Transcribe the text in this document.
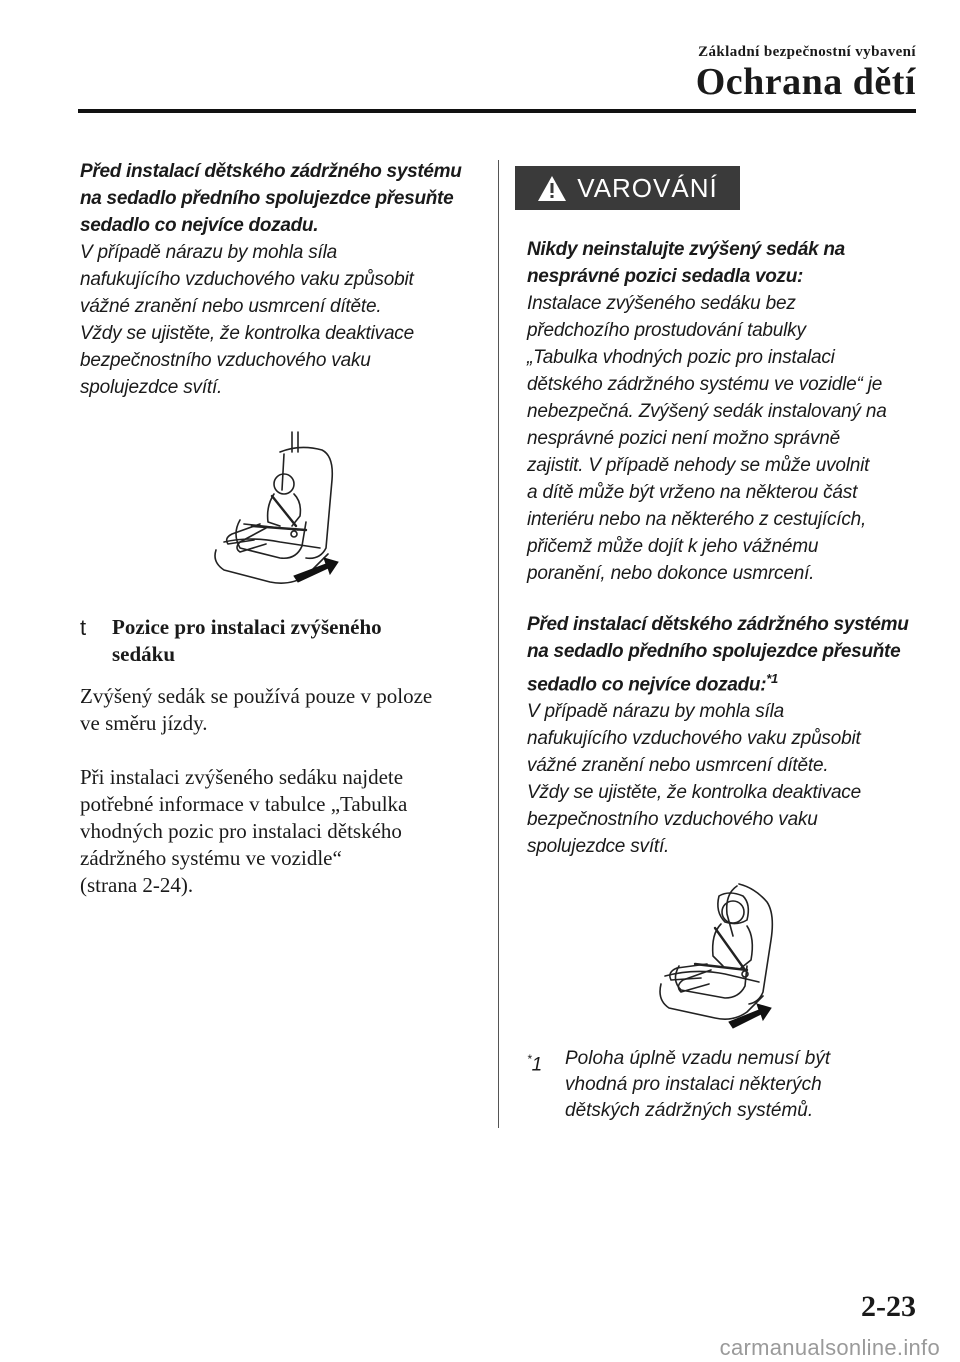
Základní bezpečnostní vybavení
Ochrana dětí

Před instalací dětského zádržného systému

na sedadlo předního spolujezdce přesuňte

sedadlo co nejvíce dozadu.

V případě nárazu by mohla síla

nafukujícího vzduchového vaku způsobit

vážné zranění nebo usmrcení dítěte.

Vždy se ujistěte, že kontrolka deaktivace

bezpečnostního vzduchového vaku

spolujezdce svítí.

t Pozice pro instalaci zvýšeného
sedáku

Zvýšený sedák se používá pouze v poloze

ve směru jízdy.

Při instalaci zvýšeného sedáku najdete

potřebné informace v tabulce „Tabulka

vhodných pozic pro instalaci dětského

zádržného systému ve vozidle“

(strana 2-24).

VAROVÁNÍ

Nikdy neinstalujte zvýšený sedák na

nesprávné pozici sedadla vozu:

Instalace zvýšeného sedáku bez

předchozího prostudování tabulky

„Tabulka vhodných pozic pro instalaci

dětského zádržného systému ve vozidle“ je

nebezpečná. Zvýšený sedák instalovaný na

nesprávné pozici není možno správně

zajistit. V případě nehody se může uvolnit

a dítě může být vrženo na některou část

interiéru nebo na některého z cestujících,

přičemž může dojít k jeho vážnému

poranění, nebo dokonce usmrcení.

Před instalací dětského zádržného systému

na sedadlo předního spolujezdce přesuňte

sedadlo co nejvíce dozadu:$^{*1}$

V případě nárazu by mohla síla

nafukujícího vzduchového vaku způsobit

vážné zranění nebo usmrcení dítěte.

Vždy se ujistěte, že kontrolka deaktivace

bezpečnostního vzduchového vaku

spolujezdce svítí.

*1 Poloha úplně vzadu nemusí být
vhodná pro instalaci některých
dětských zádržných systémů.
2-23
carmanualsonline.info
